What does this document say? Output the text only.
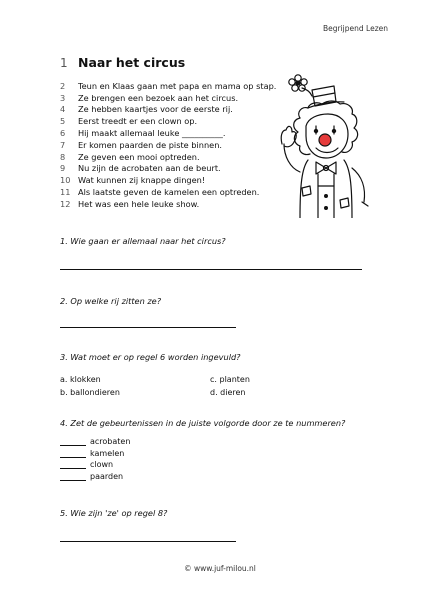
Begrijpend Lezen
1 Naar het circus
2	Teun en Klaas gaan met papa en mama op stap.
3	Ze brengen een bezoek aan het circus.
4	Ze hebben kaartjes voor de eerste rij.
5	Eerst treedt er een clown op.
6	Hij maakt allemaal leuke __________.
7	Er komen paarden de piste binnen.
8	Ze geven een mooi optreden.
9	Nu zijn de acrobaten aan de beurt.
10 Wat kunnen zij knappe dingen!
11 Als laatste geven de kamelen een optreden.
12 Het was een hele leuke show.
1. Wie gaan er allemaal naar het circus?
2. Op welke rij zitten ze?
3. Wat moet er op regel 6 worden ingevuld?
a. klokken	c. planten
b. ballondieren	d. dieren
4. Zet de gebeurtenissen in de juiste volgorde door ze te nummeren?
acrobaten
kamelen
clown
paarden
5. Wie zijn 'ze' op regel 8?
© www.juf-milou.nl
